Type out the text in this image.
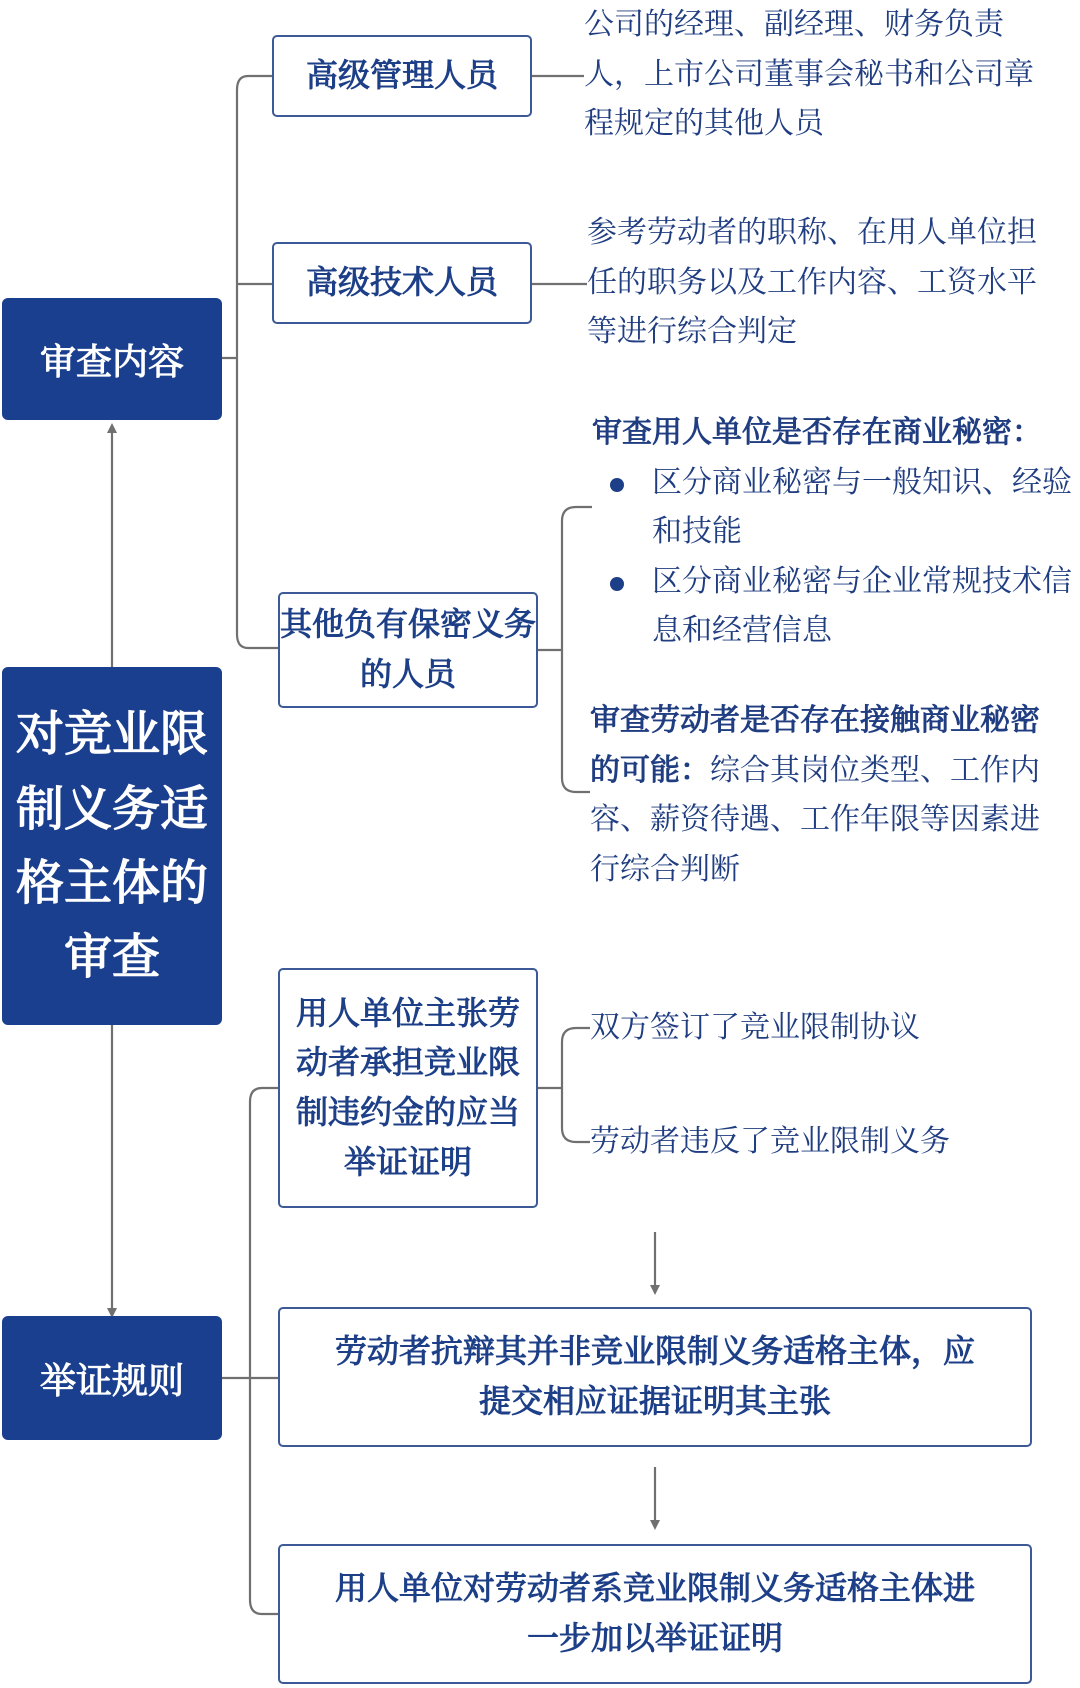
对竞业限制义务适格主体的审查
审查内容
高级管理人员
公司的经理、副经理、财务负责人，上市公司董事会秘书和公司章程规定的其他人员
高级技术人员
参考劳动者的职称、在用人单位担任的职务以及工作内容、工资水平等进行综合判定
其他负有保密义务的人员
审查用人单位是否存在商业秘密：
区分商业秘密与一般知识、经验和技能
区分商业秘密与企业常规技术信息和经营信息
审查劳动者是否存在接触商业秘密的可能：综合其岗位类型、工作内容、薪资待遇、工作年限等因素进行综合判断
举证规则
用人单位主张劳动者承担竞业限制违约金的应当举证证明
双方签订了竞业限制协议
劳动者违反了竞业限制义务
劳动者抗辩其并非竞业限制义务适格主体，应提交相应证据证明其主张
用人单位对劳动者系竞业限制义务适格主体进一步加以举证证明
